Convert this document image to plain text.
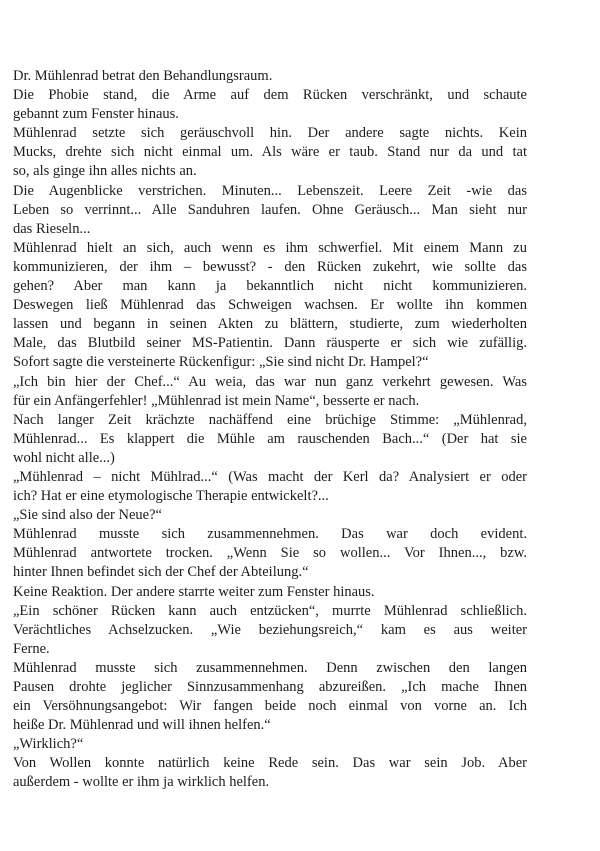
Dr. Mühlenrad betrat den Behandlungsraum.
Die Phobie stand, die Arme auf dem Rücken verschränkt, und schaute
gebannt zum Fenster hinaus.
Mühlenrad setzte sich geräuschvoll hin. Der andere sagte nichts. Kein
Mucks, drehte sich nicht einmal um. Als wäre er taub. Stand nur da und tat
so, als ginge ihn alles nichts an.
Die Augenblicke verstrichen. Minuten... Lebenszeit. Leere Zeit -wie das
Leben so verrinnt... Alle Sanduhren laufen. Ohne Geräusch... Man sieht nur
das Rieseln...
Mühlenrad hielt an sich, auch wenn es ihm schwerfiel. Mit einem Mann zu
kommunizieren, der ihm – bewusst? - den Rücken zukehrt, wie sollte das
gehen? Aber man kann ja bekanntlich nicht nicht kommunizieren.
Deswegen ließ Mühlenrad das Schweigen wachsen. Er wollte ihn kommen
lassen und begann in seinen Akten zu blättern, studierte, zum wiederholten
Male, das Blutbild seiner MS-Patientin. Dann räusperte er sich wie zufällig.
Sofort sagte die versteinerte Rückenfigur: „Sie sind nicht Dr. Hampel?“
„Ich bin hier der Chef...“ Au weia, das war nun ganz verkehrt gewesen. Was
für ein Anfängerfehler! „Mühlenrad ist mein Name“, besserte er nach.
Nach langer Zeit krächzte nachäffend eine brüchige Stimme: „Mühlenrad,
Mühlenrad... Es klappert die Mühle am rauschenden Bach...“ (Der hat sie
wohl nicht alle...)
„Mühlenrad – nicht Mühlrad...“ (Was macht der Kerl da? Analysiert er oder
ich? Hat er eine etymologische Therapie entwickelt?...
„Sie sind also der Neue?“
Mühlenrad musste sich zusammennehmen. Das war doch evident.
Mühlenrad antwortete trocken. „Wenn Sie so wollen... Vor Ihnen..., bzw.
hinter Ihnen befindet sich der Chef der Abteilung.“
Keine Reaktion. Der andere starrte weiter zum Fenster hinaus.
„Ein schöner Rücken kann auch entzücken“, murrte Mühlenrad schließlich.
Verächtliches Achselzucken. „Wie beziehungsreich,“ kam es aus weiter
Ferne.
Mühlenrad musste sich zusammennehmen. Denn zwischen den langen
Pausen drohte jeglicher Sinnzusammenhang abzureißen. „Ich mache Ihnen
ein Versöhnungsangebot: Wir fangen beide noch einmal von vorne an. Ich
heiße Dr. Mühlenrad und will ihnen helfen.“
„Wirklich?“
Von Wollen konnte natürlich keine Rede sein. Das war sein Job. Aber
außerdem - wollte er ihm ja wirklich helfen.
